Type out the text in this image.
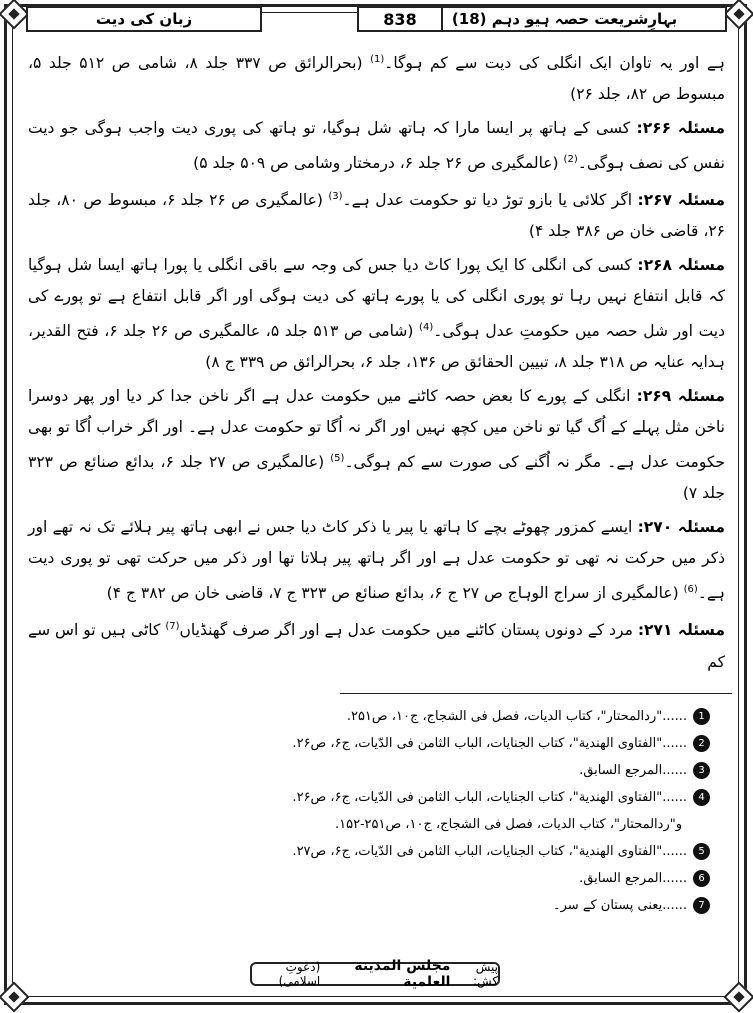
بہارِشریعت حصہ ہیو دہم (18)
838
زبان کی دیت

ہے اور یہ تاوان ایک انگلی کی دیت سے کم ہوگا۔$^{(1)}$ (بحرالرائق ص ۳۳۷ جلد ۸، شامی ص ۵۱۲ جلد ۵، مبسوط ص ۸۲، جلد ۲۶)

مسئلہ ۲۶۶: کسی کے ہاتھ پر ایسا مارا کہ ہاتھ شل ہوگیا، تو ہاتھ کی پوری دیت واجب ہوگی جو دیت نفس کی نصف ہوگی۔$^{(2)}$ (عالمگیری ص ۲۶ جلد ۶، درمختار وشامی ص ۵۰۹ جلد ۵)

مسئلہ ۲۶۷: اگر کلائی یا بازو توڑ دیا تو حکومت عدل ہے۔$^{(3)}$ (عالمگیری ص ۲۶ جلد ۶، مبسوط ص ۸۰، جلد ۲۶، قاضی خان ص ۳۸۶ جلد ۴)

مسئلہ ۲۶۸: کسی کی انگلی کا ایک پورا کاٹ دیا جس کی وجہ سے باقی انگلی یا پورا ہاتھ ایسا شل ہوگیا کہ قابل انتفاع نہیں رہا تو پوری انگلی کی یا پورے ہاتھ کی دیت ہوگی اور اگر قابل انتفاع ہے تو پورے کی دیت اور شل حصہ میں حکومتِ عدل ہوگی۔$^{(4)}$ (شامی ص ۵۱۳ جلد ۵، عالمگیری ص ۲۶ جلد ۶، فتح القدیر، ہدایہ عنایہ ص ۳۱۸ جلد ۸، تبیین الحقائق ص ۱۳۶، جلد ۶، بحرالرائق ص ۳۳۹ ج ۸)

مسئلہ ۲۶۹: انگلی کے پورے کا بعض حصہ کاٹنے میں حکومت عدل ہے اگر ناخن جدا کر دیا اور پھر دوسرا ناخن مثل پہلے کے اُگ گیا تو ناخن میں کچھ نہیں اور اگر نہ اُگا تو حکومت عدل ہے۔ اور اگر خراب اُگا تو بھی حکومت عدل ہے۔ مگر نہ اُگنے کی صورت سے کم ہوگی۔$^{(5)}$ (عالمگیری ص ۲۷ جلد ۶، بدائع صنائع ص ۳۲۳ جلد ۷)

مسئلہ ۲۷۰: ایسے کمزور چھوٹے بچے کا ہاتھ یا پیر یا ذکر کاٹ دیا جس نے ابھی ہاتھ پیر ہلائے تک نہ تھے اور ذکر میں حرکت نہ تھی تو حکومت عدل ہے اور اگر ہاتھ پیر ہلاتا تھا اور ذکر میں حرکت تھی تو پوری دیت ہے۔$^{(6)}$ (عالمگیری از سراج الوہاج ص ۲۷ ج ۶، بدائع صنائع ص ۳۲۳ ج ۷، قاضی خان ص ۳۸۲ ج ۴)

مسئلہ ۲۷۱: مرد کے دونوں پستان کاٹنے میں حکومت عدل ہے اور اگر صرف گھنڈیاں$^{(7)}$ کاٹی ہیں تو اس سے کم

1
......"ردالمحتار"، کتاب الدیات، فصل فی الشجاج، ج۱۰، ص۲۵۱.
2
......"الفتاوی الھندیة"، کتاب الجنایات، الباب الثامن فی الدّیات، ج۶، ص۲۶.
3
......المرجع السابق.
4
......"الفتاوی الھندیة"، کتاب الجنایات، الباب الثامن فی الدّیات، ج۶، ص۲۶.
و"ردالمحتار"، کتاب الدیات، فصل فی الشجاج، ج۱۰، ص۲۵۱-۱۵۲.
5
......"الفتاوی الھندیة"، کتاب الجنایات، الباب الثامن فی الدّیات، ج۶، ص۲۷.
6
......المرجع السابق.
7
......یعنی پستان کے سر۔
پیش کش:
مجلس المدینة العلمیة
(دعوتِ اسلامی)
